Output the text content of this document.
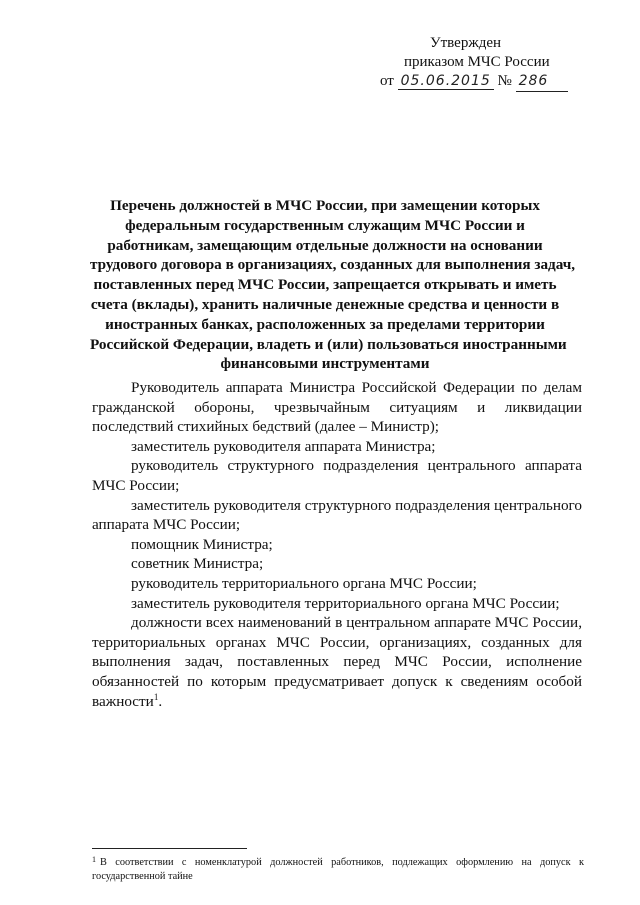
Утвержден
приказом МЧС России
от 05.06.2015 № 286
Перечень должностей в МЧС России, при замещении которых
федеральным государственным служащим МЧС России и
работникам, замещающим отдельные должности на основании
трудового договора в организациях, созданных для выполнения задач,
поставленных перед МЧС России, запрещается открывать и иметь
счета (вклады), хранить наличные денежные средства и ценности в
иностранных банках, расположенных за пределами территории
Российской Федерации, владеть и (или) пользоваться иностранными
финансовыми инструментами

Руководитель аппарата Министра Российской Федерации по делам гражданской обороны, чрезвычайным ситуациям и ликвидации последствий стихийных бедствий (далее – Министр);

заместитель руководителя аппарата Министра;

руководитель структурного подразделения центрального аппарата МЧС России;

заместитель руководителя структурного подразделения центрального аппарата МЧС России;

помощник Министра;

советник Министра;

руководитель территориального органа МЧС России;

заместитель руководителя территориального органа МЧС России;

должности всех наименований в центральном аппарате МЧС России, территориальных органах МЧС России, организациях, созданных для выполнения задач, поставленных перед МЧС России, исполнение обязанностей по которым предусматривает допуск к сведениям особой важности$^1$.

$^1$ В соответствии с номенклатурой должностей работников, подлежащих оформлению на допуск к государственной тайне
